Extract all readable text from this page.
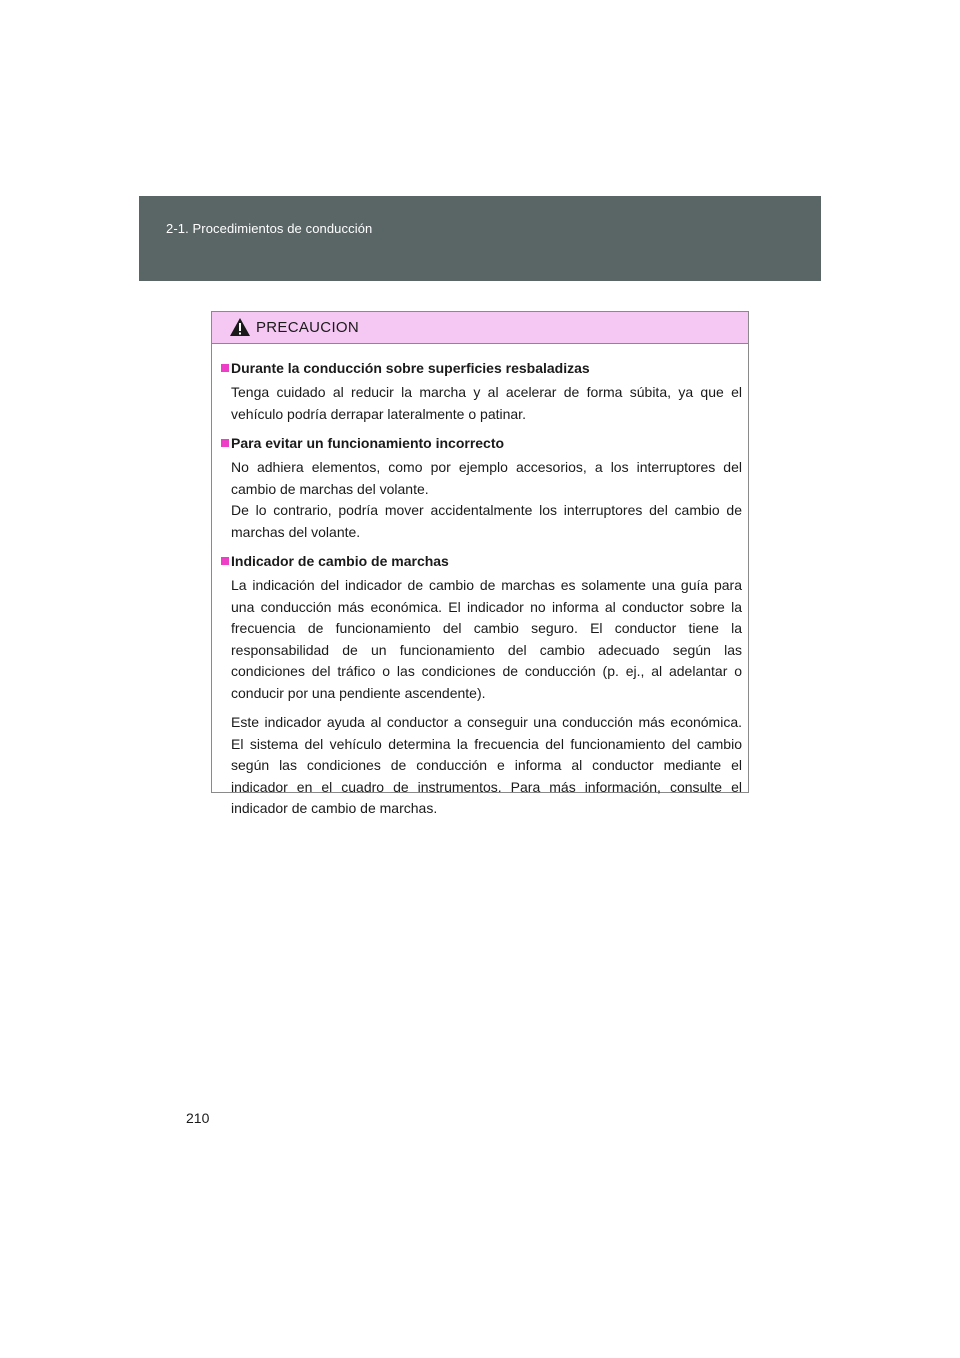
2-1. Procedimientos de conducción
PRECAUCION
Durante la conducción sobre superficies resbaladizas

Tenga cuidado al reducir la marcha y al acelerar de forma súbita, ya que el vehículo podría derrapar lateralmente o patinar.

Para evitar un funcionamiento incorrecto

No adhiera elementos, como por ejemplo accesorios, a los interruptores del cambio de marchas del volante.

De lo contrario, podría mover accidentalmente los interruptores del cambio de marchas del volante.

Indicador de cambio de marchas

La indicación del indicador de cambio de marchas es solamente una guía para una conducción más económica. El indicador no informa al conductor sobre la frecuencia de funcionamiento del cambio seguro. El conductor tiene la responsabilidad de un funcionamiento del cambio adecuado según las condiciones del tráfico o las condiciones de conducción (p. ej., al adelantar o conducir por una pendiente ascendente).

Este indicador ayuda al conductor a conseguir una conducción más económica. El sistema del vehículo determina la frecuencia del funcionamiento del cambio según las condiciones de conducción e informa al conductor mediante el indicador en el cuadro de instrumentos. Para más información, consulte el indicador de cambio de marchas.

210
